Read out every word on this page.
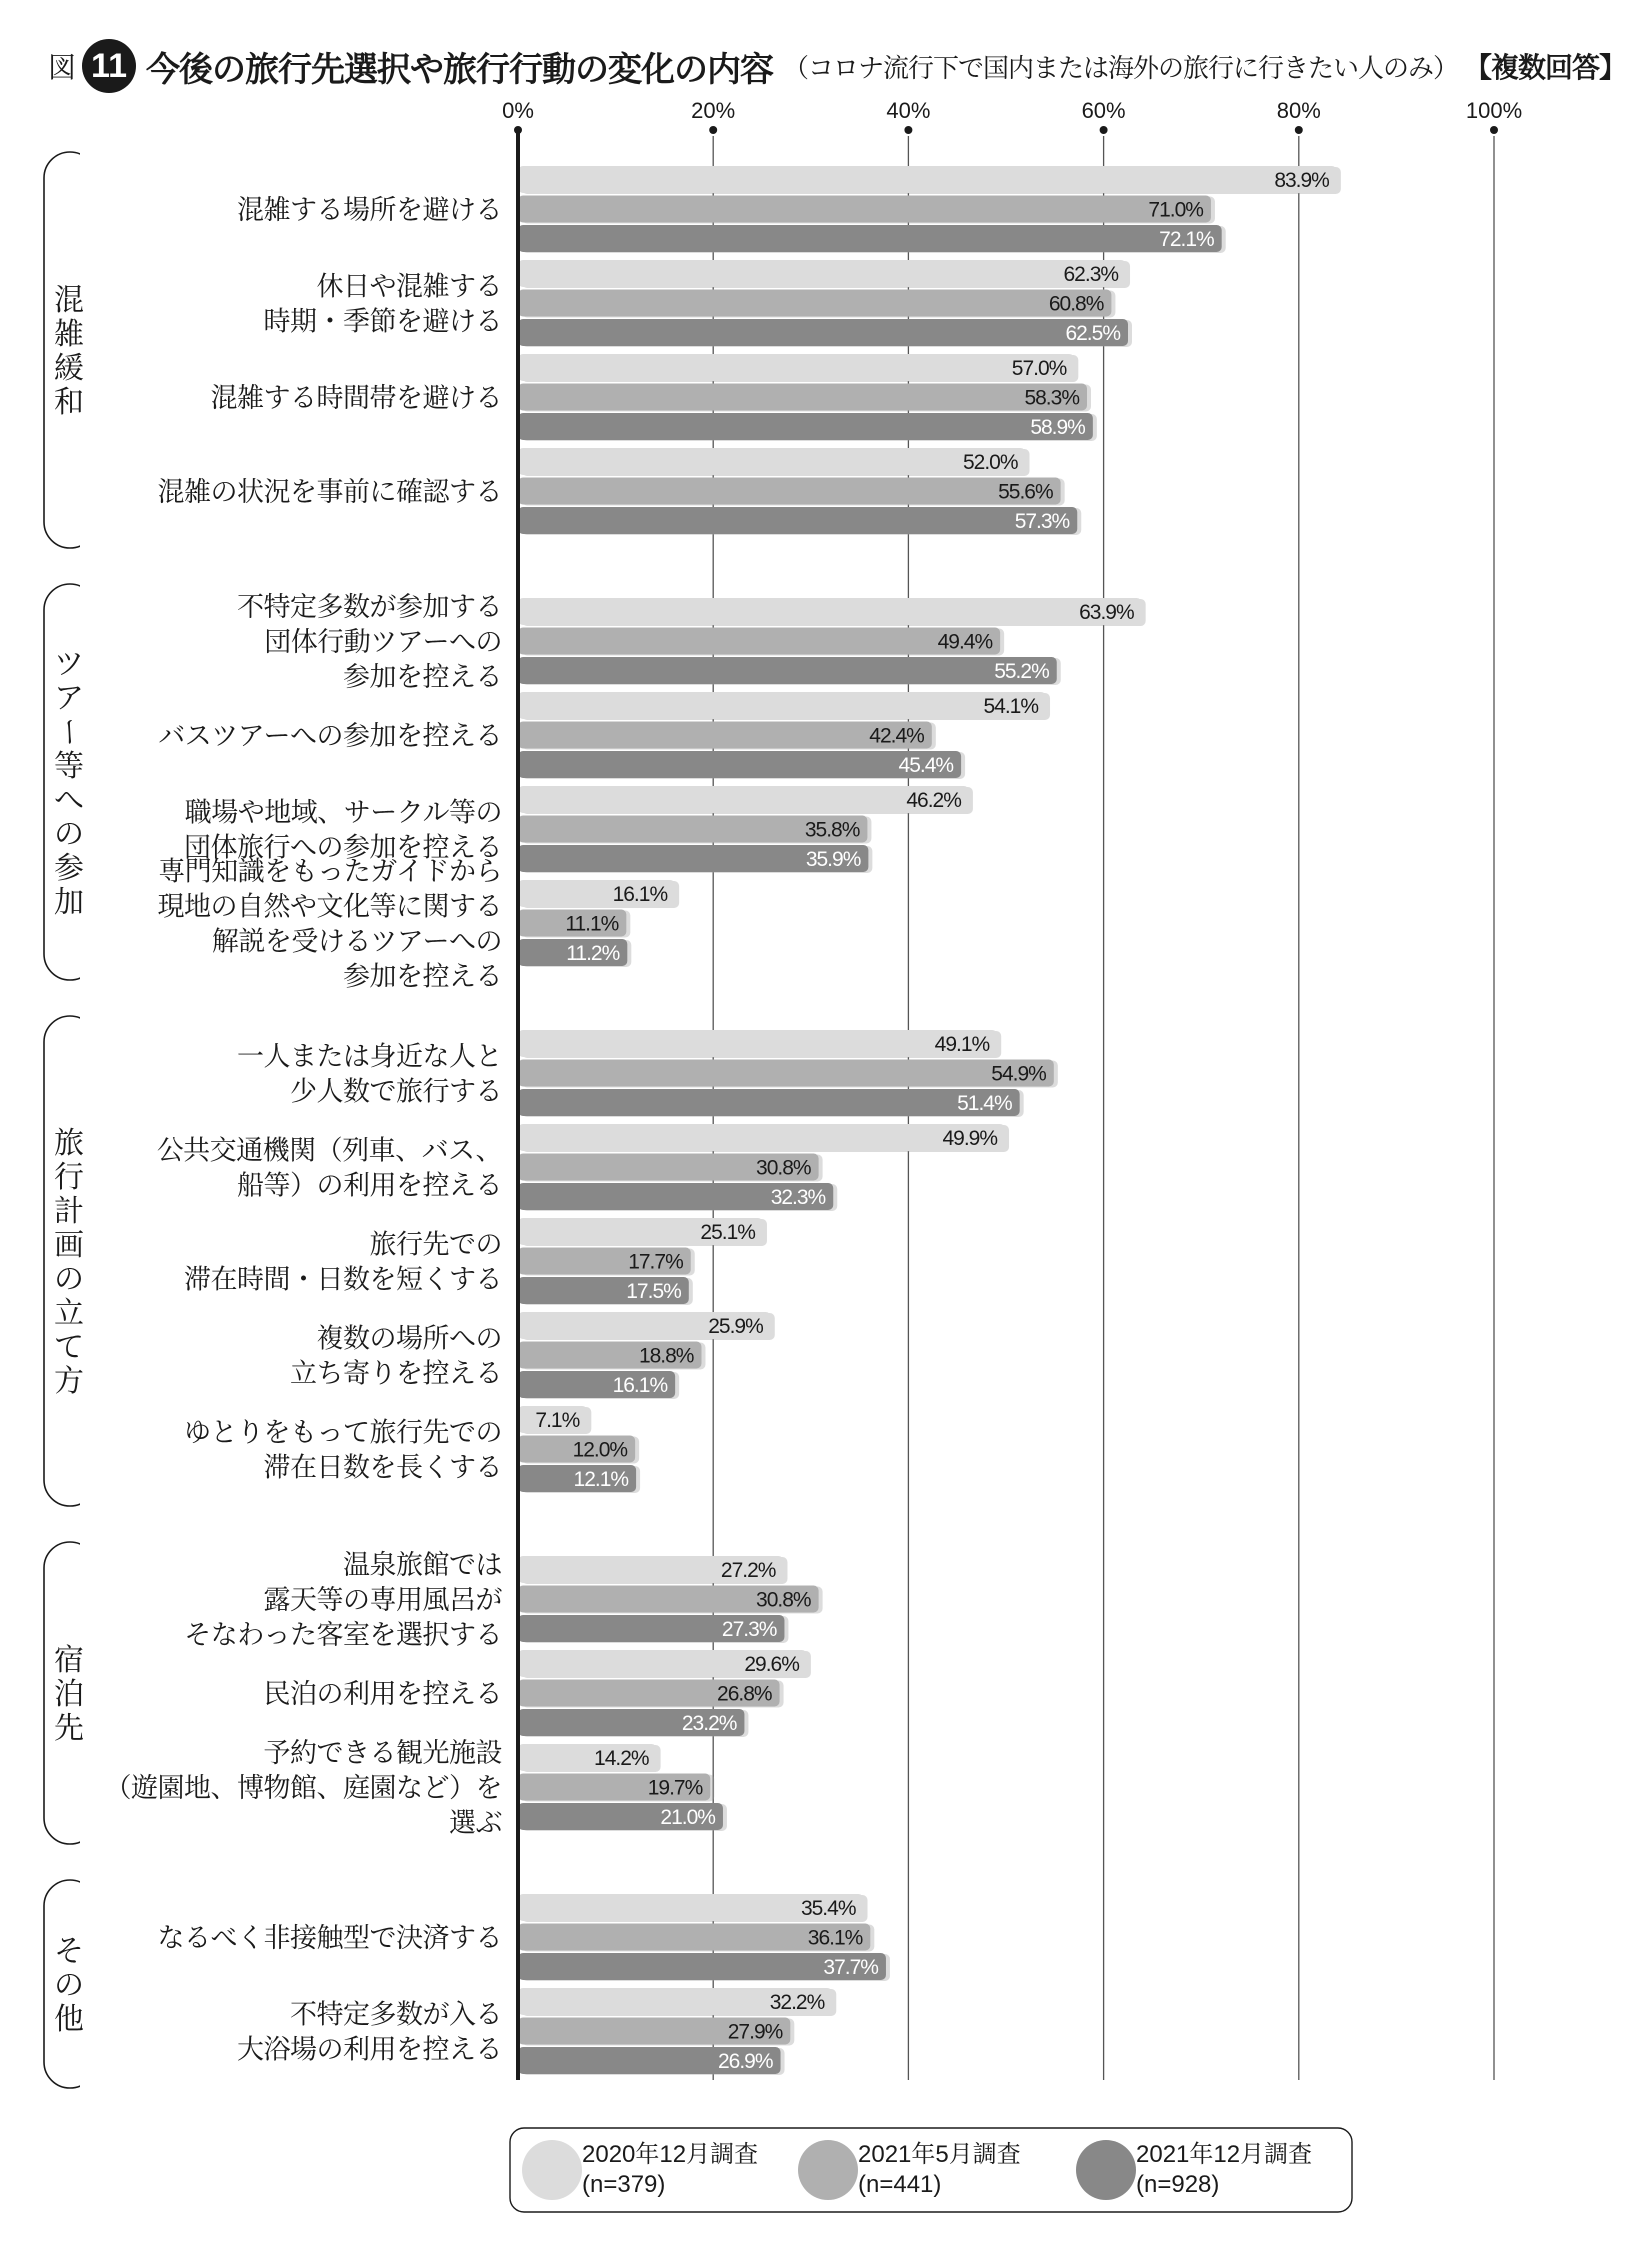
図 11 今後の旅行先選択や旅行行動の変化の内容 （コロナ流行下で国内または海外の旅行に行きたい人のみ） 【複数回答】
0%	20%	40%	60%	80%	100%
83.9%
71.0%
72.1%
混雑する場所を避ける
62.3%
60.8%
62.5%
休日や混雑する
時期・季節を避ける
57.0%
58.3%
58.9%
混雑する時間帯を避ける
52.0%
55.6%
57.3%
混雑の状況を事前に確認する
混
雑
緩
和
63.9%
49.4%
55.2%
不特定多数が参加する
団体行動ツアーへの
参加を控える
54.1%
42.4%
45.4%
バスツアーへの参加を控える
46.2%
35.8%
35.9%
職場や地域、サークル等の
団体旅行への参加を控える
16.1%
11.1%
11.2%
専門知識をもったガイドから
現地の自然や文化等に関する
解説を受けるツアーへの
参加を控える
ツ
ア
ー
等
へ
の
参
加
49.1%
54.9%
51.4%
一人または身近な人と
少人数で旅行する
49.9%
30.8%
32.3%
公共交通機関（列車、バス、
船等）の利用を控える
25.1%
17.7%
17.5%
旅行先での
滞在時間・日数を短くする
25.9%
18.8%
16.1%
複数の場所への
立ち寄りを控える
7.1%
12.0%
12.1%
ゆとりをもって旅行先での
滞在日数を長くする
旅
行
計
画
の
立
て
方
27.2%
30.8%
27.3%
温泉旅館では
露天等の専用風呂が
そなわった客室を選択する
29.6%
26.8%
23.2%
民泊の利用を控える
14.2%
19.7%
21.0%
予約できる観光施設
（遊園地、博物館、庭園など）を
選ぶ
宿
泊
先
35.4%
36.1%
37.7%
なるべく非接触型で決済する
32.2%
27.9%
26.9%
不特定多数が入る
大浴場の利用を控える
そ
の
他
2020年12月調査
(n=379)
2021年5月調査
(n=441)
2021年12月調査
(n=928)
